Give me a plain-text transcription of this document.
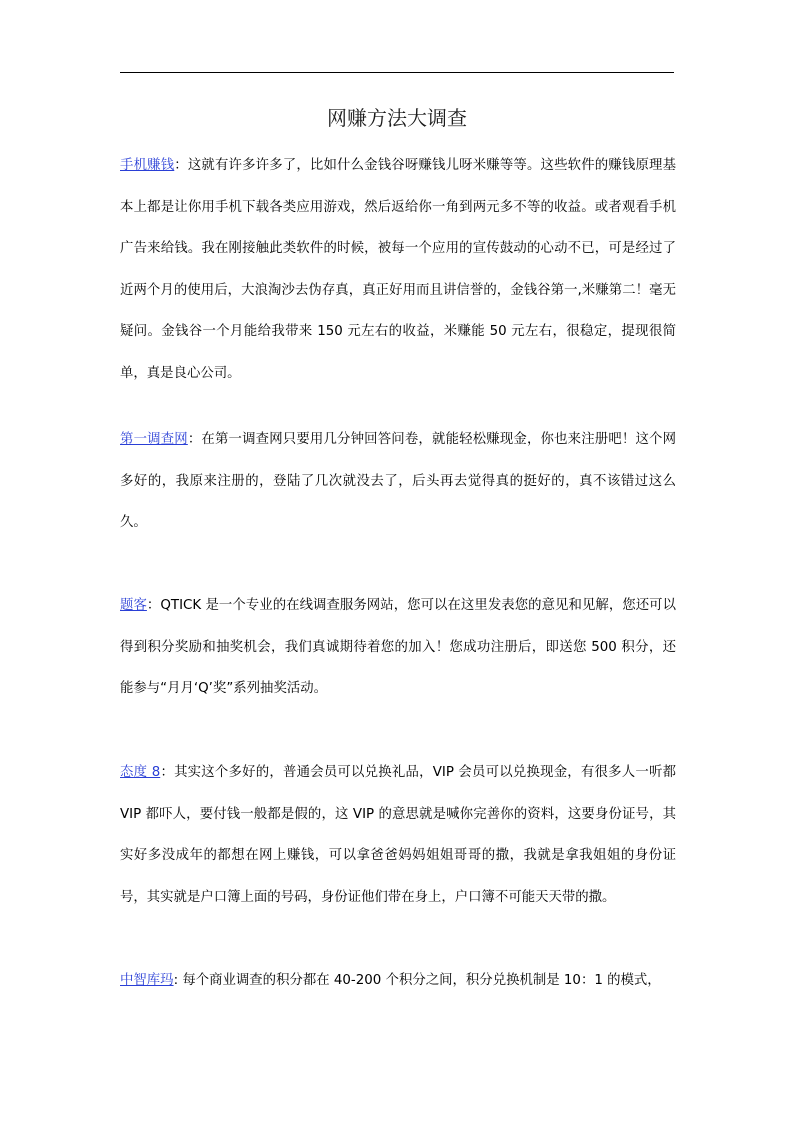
网赚方法大调查
手机赚钱：这就有许多许多了，比如什么金钱谷呀赚钱儿呀米赚等等。这些软件的赚钱原理基本上都是让你用手机下载各类应用游戏，然后返给你一角到两元多不等的收益。或者观看手机广告来给钱。我在刚接触此类软件的时候，被每一个应用的宣传鼓动的心动不已，可是经过了近两个月的使用后，大浪淘沙去伪存真，真正好用而且讲信誉的，金钱谷第一,米赚第二！毫无疑问。金钱谷一个月能给我带来 150 元左右的收益，米赚能 50 元左右，很稳定，提现很简单，真是良心公司。
第一调查网：在第一调查网只要用几分钟回答问卷，就能轻松赚现金，你也来注册吧！这个网多好的，我原来注册的，登陆了几次就没去了，后头再去觉得真的挺好的，真不该错过这么久。
题客：QTICK 是一个专业的在线调查服务网站，您可以在这里发表您的意见和见解，您还可以得到积分奖励和抽奖机会，我们真诚期待着您的加入！您成功注册后，即送您 500 积分，还能参与“月月‘Q’奖”系列抽奖活动。
态度 8：其实这个多好的，普通会员可以兑换礼品，VIP 会员可以兑换现金，有很多人一听都 VIP 都吓人，要付钱一般都是假的，这 VIP 的意思就是喊你完善你的资料，这要身份证号，其实好多没成年的都想在网上赚钱，可以拿爸爸妈妈姐姐哥哥的撒，我就是拿我姐姐的身份证号，其实就是户口簿上面的号码，身份证他们带在身上，户口簿不可能天天带的撒。
中智库玛: 每个商业调查的积分都在 40-200 个积分之间，积分兑换机制是 10：1 的模式，
